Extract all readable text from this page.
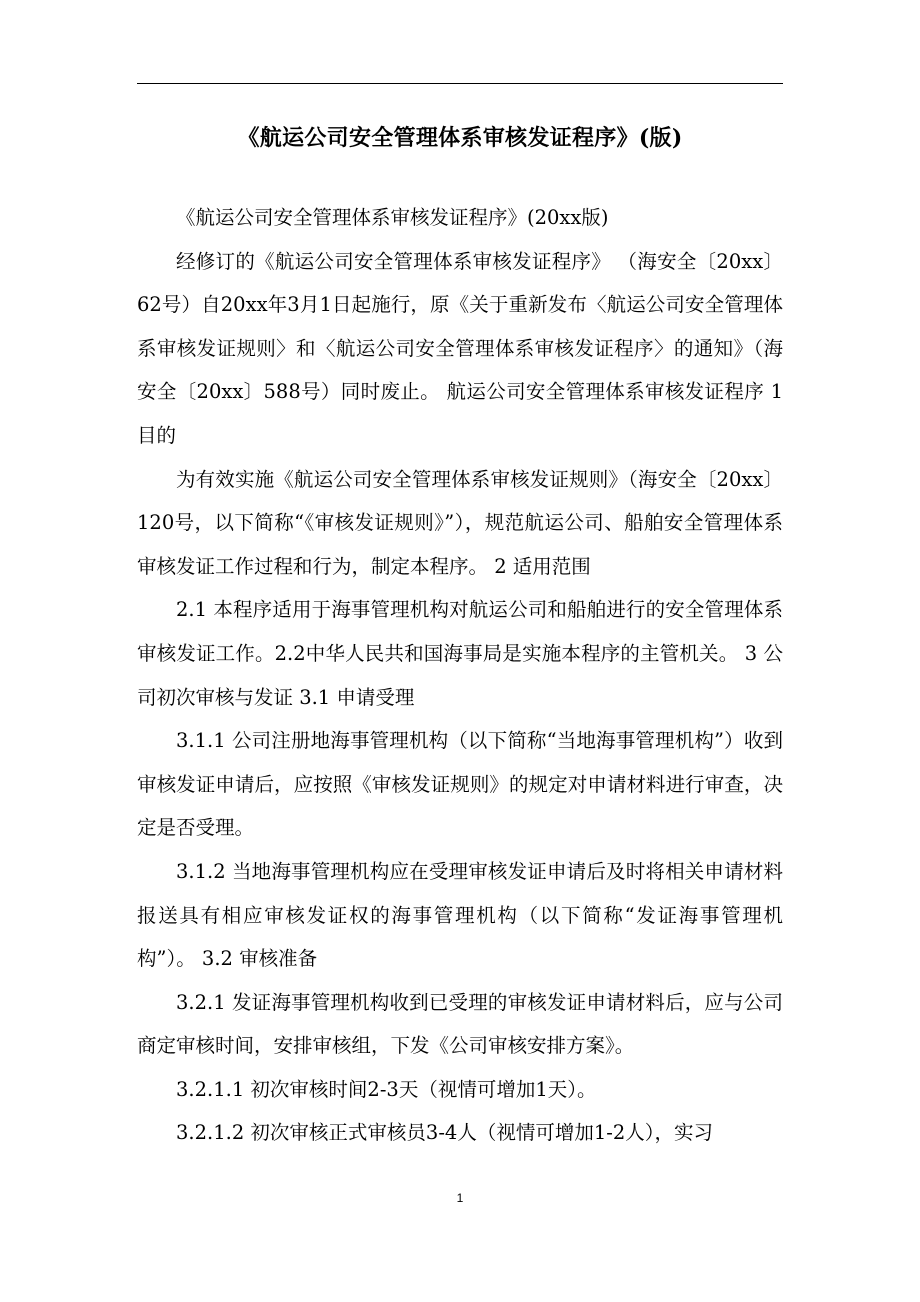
《航运公司安全管理体系审核发证程序》(版)

《航运公司安全管理体系审核发证程序》(20xx版)

经修订的《航运公司安全管理体系审核发证程序》 （海安全〔20xx〕62号）自20xx年3月1日起施行，原《关于重新发布〈航运公司安全管理体系审核发证规则〉和〈航运公司安全管理体系审核发证程序〉的通知》（海安全〔20xx〕588号）同时废止。 航运公司安全管理体系审核发证程序 1 目的

为有效实施《航运公司安全管理体系审核发证规则》（海安全〔20xx〕120号，以下简称“《审核发证规则》”），规范航运公司、船舶安全管理体系审核发证工作过程和行为，制定本程序。 2 适用范围

2.1 本程序适用于海事管理机构对航运公司和船舶进行的安全管理体系审核发证工作。2.2中华人民共和国海事局是实施本程序的主管机关。 3 公司初次审核与发证 3.1 申请受理

3.1.1 公司注册地海事管理机构（以下简称“当地海事管理机构”）收到审核发证申请后，应按照《审核发证规则》的规定对申请材料进行审查，决定是否受理。

3.1.2 当地海事管理机构应在受理审核发证申请后及时将相关申请材料报送具有相应审核发证权的海事管理机构（以下简称“发证海事管理机构”）。 3.2 审核准备

3.2.1 发证海事管理机构收到已受理的审核发证申请材料后，应与公司商定审核时间，安排审核组，下发《公司审核安排方案》。

3.2.1.1 初次审核时间2-3天（视情可增加1天）。

3.2.1.2 初次审核正式审核员3-4人（视情可增加1-2人），实习

1
